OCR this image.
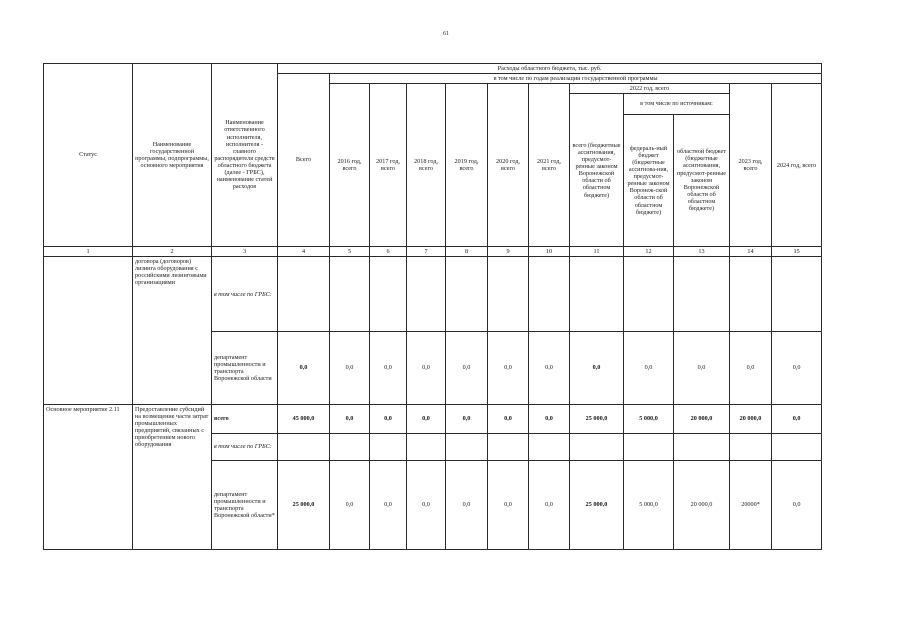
61
Статус	Наименование государственной программы, подпрограммы, основного мероприятия	Наименование ответственного исполнителя, исполнителя - главного распорядителя средств областного бюджета (далее - ГРБС), наименование статей расходов	Расходы областного бюджета, тыс. руб.											
			Всего	в том числе по годам реализации государственной программы										
				2016 год, всего	2017 год, всего	2018 год, всего	2019 год, всего	2020 год, всего	2021 год, всего	2022 год, всего			2023 год, всего	2024 год, всего
										всего (бюджетные ассигнования, предусмот-ренные законом Воронежской области об областном бюджете)	в том числе по источникам:			
											федераль-ный бюджет (бюджетные ассигнова-ния, предусмот-ренные законом Воронеж-ской области об областном бюджете)	областной бюджет (бюджетные ассигнования, предусмот-ренные законом Воронежской области об областном бюджете)		
1	2	3	4	5	6	7	8	9	10	11	12	13	14	15
	договора (договоров) лизинга оборудования с российскими лизинговыми организациями	в том числе по ГРБС:												
		департамент промышленности и транспорта Воронежской области	0,0	0,0	0,0	0,0	0,0	0,0	0,0	0,0	0,0	0,0	0,0	0,0
Основное мероприятие 2.11	Предоставление субсидий на возмещение части затрат промышленных предприятий, связанных с приобретением нового оборудования	всего	45 000,0	0,0	0,0	0,0	0,0	0,0	0,0	25 000,0	5 000,0	20 000,0	20 000,0	0,0
		в том числе по ГРБС:												
		департамент промышленности и транспорта Воронежской области*	25 000,0	0,0	0,0	0,0	0,0	0,0	0,0	25 000,0	5 000,0	20 000,0	20000*	0,0
